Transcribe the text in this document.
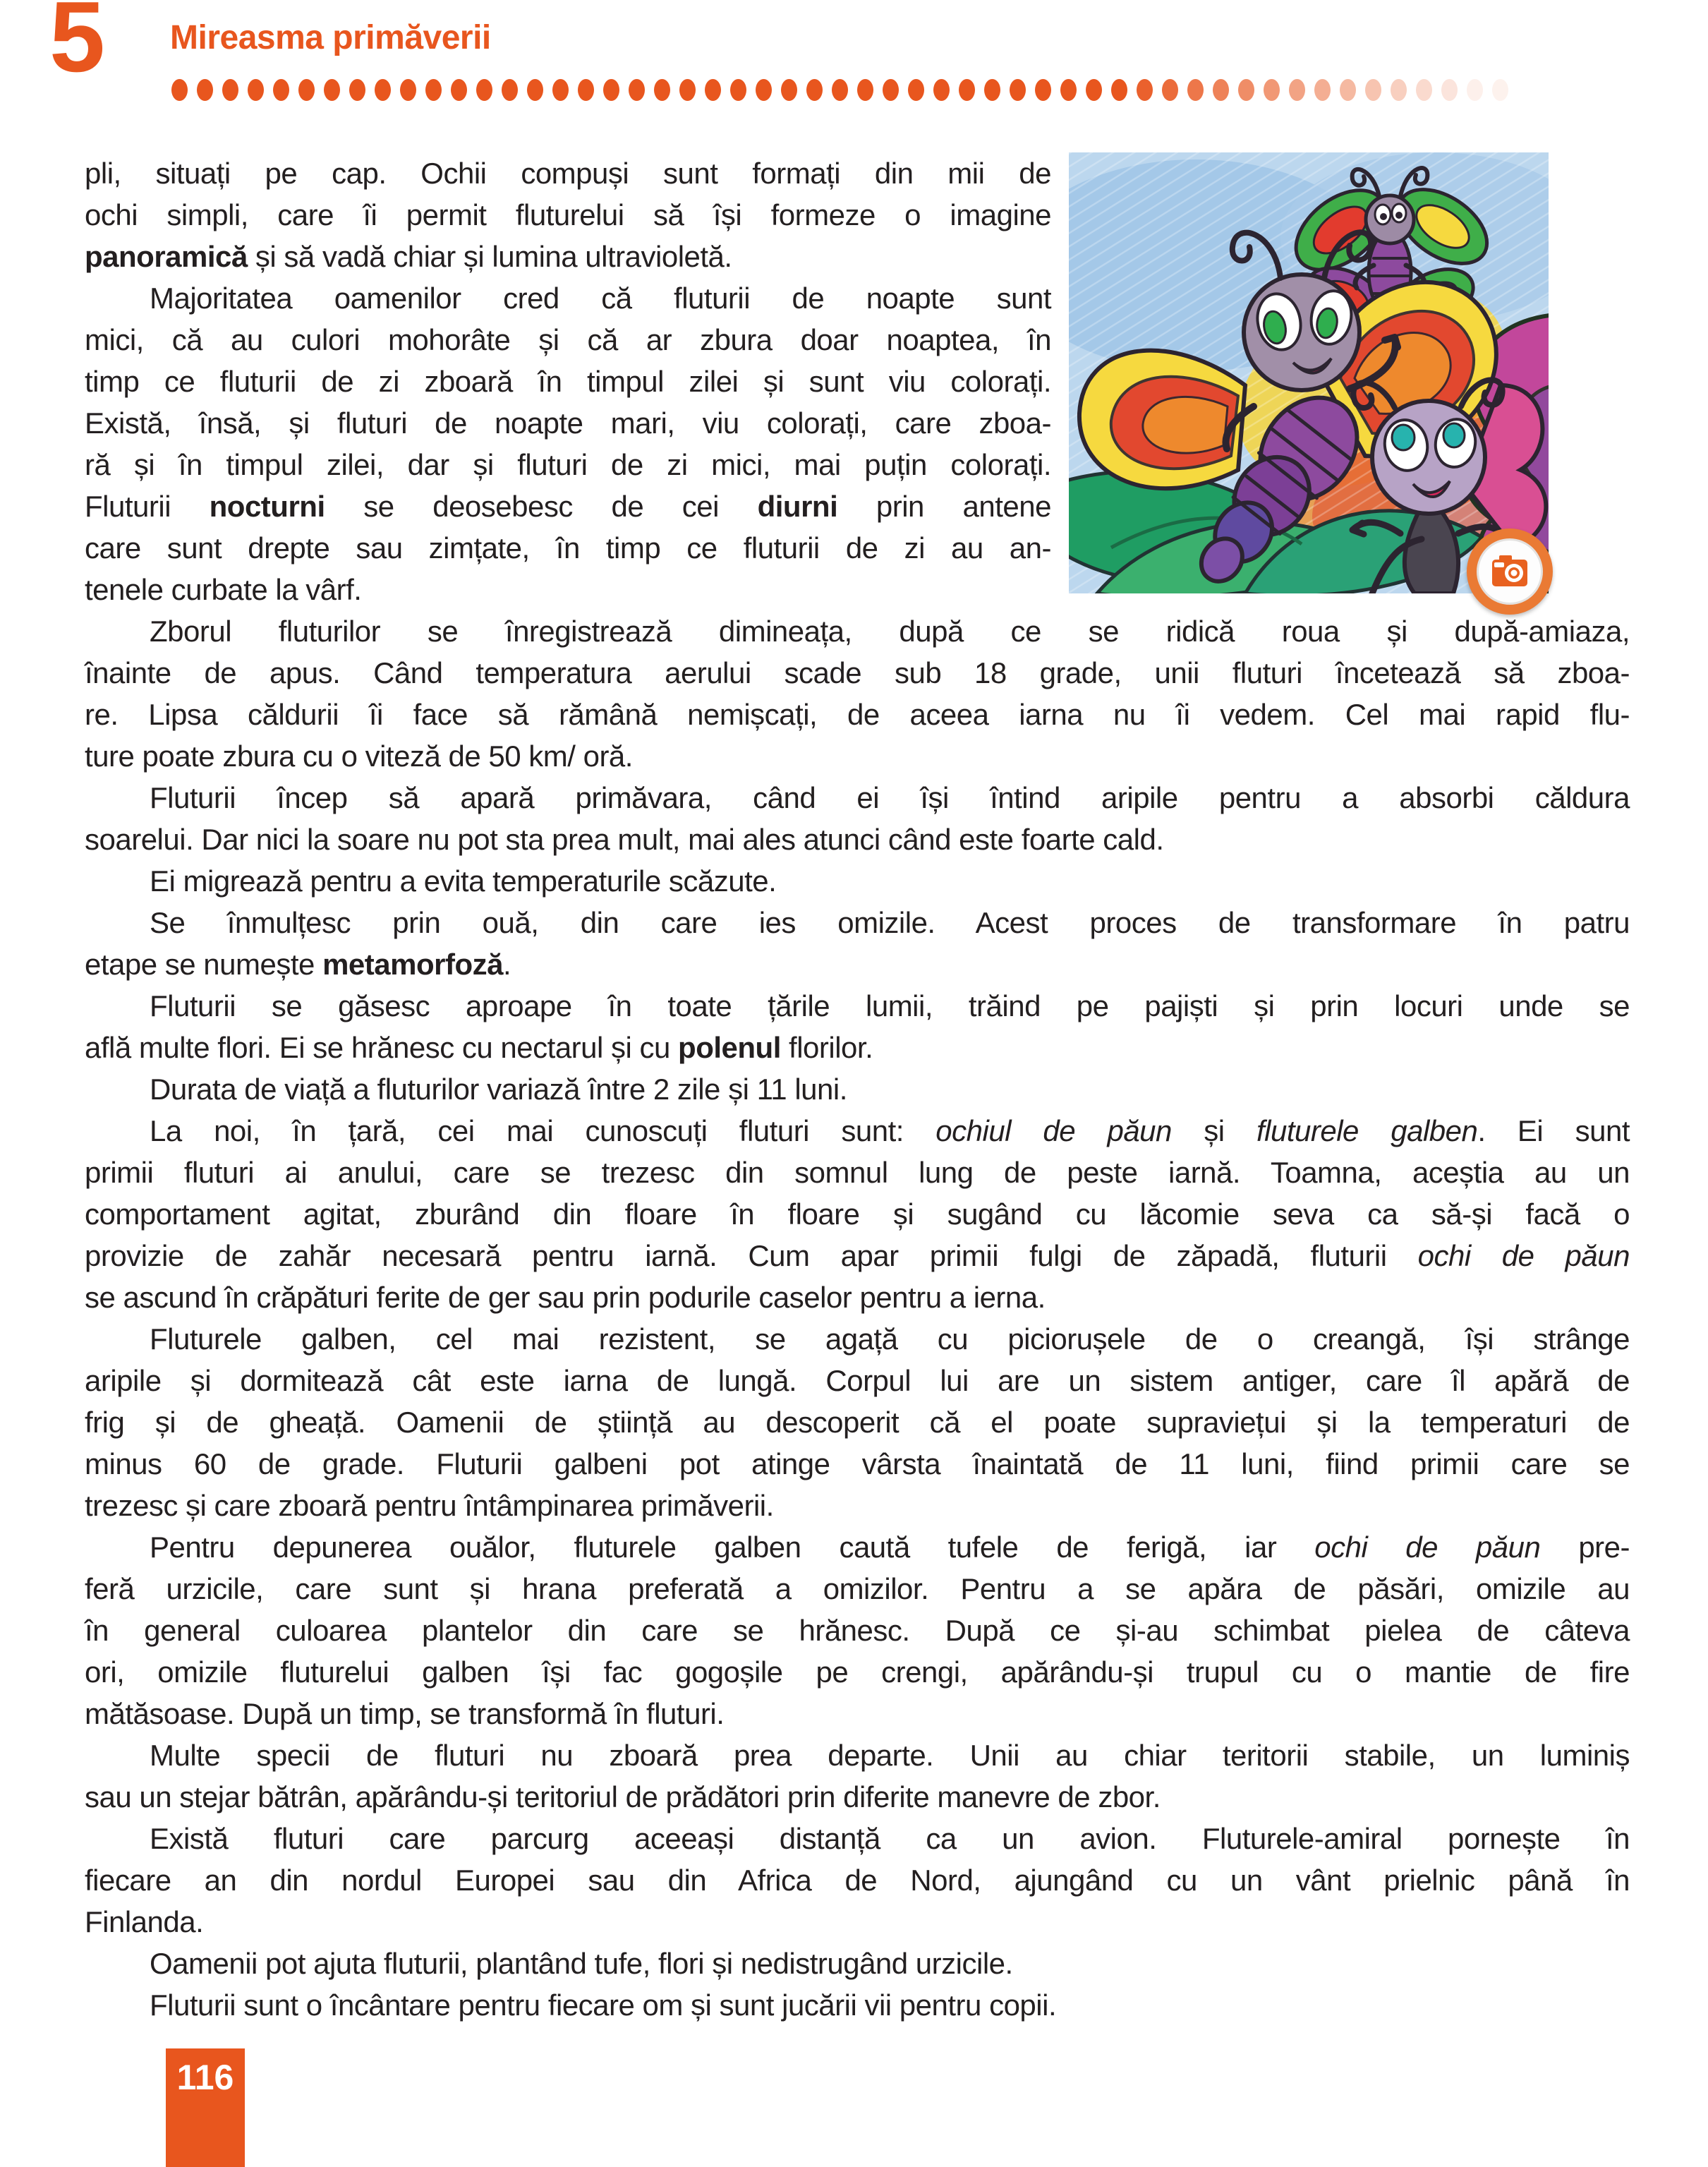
5 Mireasma primăverii
pli, situați pe cap. Ochii compuși sunt formați din mii de
ochi simpli, care îi permit fluturelui să își formeze o imagine
panoramică și să vadă chiar și lumina ultravioletă.
Majoritatea oamenilor cred că fluturii de noapte sunt
mici, că au culori mohorâte și că ar zbura doar noaptea, în
timp ce fluturii de zi zboară în timpul zilei și sunt viu colorați.
Există, însă, și fluturi de noapte mari, viu colorați, care zboa-
ră și în timpul zilei, dar și fluturi de zi mici, mai puțin colorați.
Fluturii nocturni se deosebesc de cei diurni prin antene
care sunt drepte sau zimțate, în timp ce fluturii de zi au an-
tenele curbate la vârf.
Zborul fluturilor se înregistrează dimineața, după ce se ridică roua și după-amiaza,
înainte de apus. Când temperatura aerului scade sub 18 grade, unii fluturi încetează să zboa-
re. Lipsa căldurii îi face să rămână nemișcați, de aceea iarna nu îi vedem. Cel mai rapid flu-
ture poate zbura cu o viteză de 50 km/ oră.
Fluturii încep să apară primăvara, când ei își întind aripile pentru a absorbi căldura
soarelui. Dar nici la soare nu pot sta prea mult, mai ales atunci când este foarte cald.
Ei migrează pentru a evita temperaturile scăzute.
Se înmulțesc prin ouă, din care ies omizile. Acest proces de transformare în patru
etape se numește metamorfoză.
Fluturii se găsesc aproape în toate țările lumii, trăind pe pajiști și prin locuri unde se
află multe flori. Ei se hrănesc cu nectarul și cu polenul florilor.
Durata de viață a fluturilor variază între 2 zile și 11 luni.
La noi, în țară, cei mai cunoscuți fluturi sunt: ochiul de păun și fluturele galben. Ei sunt
primii fluturi ai anului, care se trezesc din somnul lung de peste iarnă. Toamna, aceștia au un
comportament agitat, zburând din floare în floare și sugând cu lăcomie seva ca să-și facă o
provizie de zahăr necesară pentru iarnă. Cum apar primii fulgi de zăpadă, fluturii ochi de păun
se ascund în crăpături ferite de ger sau prin podurile caselor pentru a ierna.
Fluturele galben, cel mai rezistent, se agață cu piciorușele de o creangă, își strânge
aripile și dormitează cât este iarna de lungă. Corpul lui are un sistem antiger, care îl apără de
frig și de gheață. Oamenii de știință au descoperit că el poate supraviețui și la temperaturi de
minus 60 de grade. Fluturii galbeni pot atinge vârsta înaintată de 11 luni, fiind primii care se
trezesc și care zboară pentru întâmpinarea primăverii.
Pentru depunerea ouălor, fluturele galben caută tufele de ferigă, iar ochi de păun pre-
feră urzicile, care sunt și hrana preferată a omizilor. Pentru a se apăra de păsări, omizile au
în general culoarea plantelor din care se hrănesc. După ce și-au schimbat pielea de câteva
ori, omizile fluturelui galben își fac gogoșile pe crengi, apărându-și trupul cu o mantie de fire
mătăsoase. După un timp, se transformă în fluturi.
Multe specii de fluturi nu zboară prea departe. Unii au chiar teritorii stabile, un luminiș
sau un stejar bătrân, apărându-și teritoriul de prădători prin diferite manevre de zbor.
Există fluturi care parcurg aceeași distanță ca un avion. Fluturele-amiral pornește în
fiecare an din nordul Europei sau din Africa de Nord, ajungând cu un vânt prielnic până în
Finlanda.
Oamenii pot ajuta fluturii, plantând tufe, flori și nedistrugând urzicile.
Fluturii sunt o încântare pentru fiecare om și sunt jucării vii pentru copii.
116
